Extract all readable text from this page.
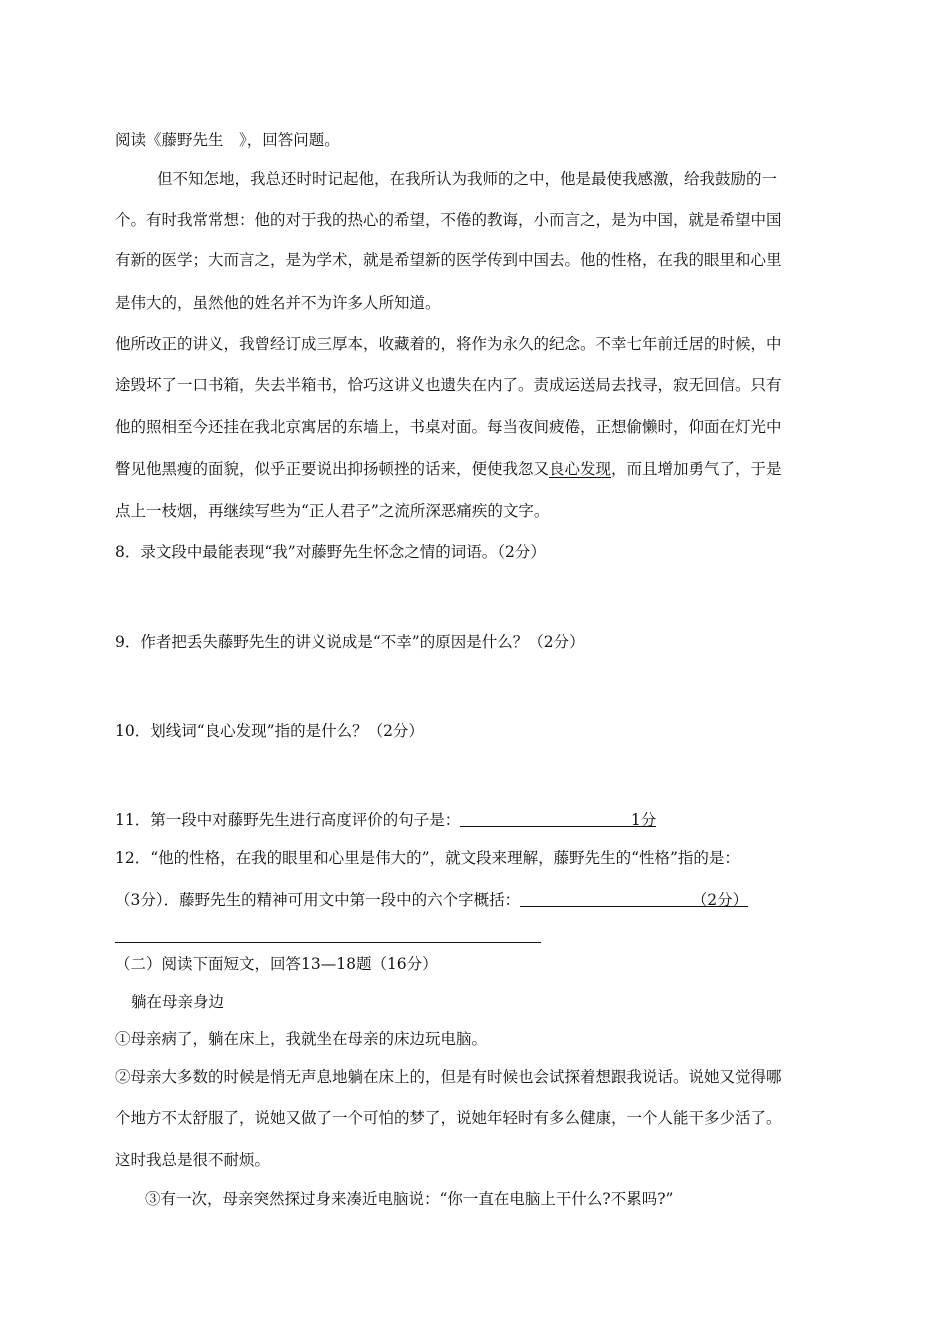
阅读《藤野先生　》，回答问题。
但不知怎地，我总还时时记起他，在我所认为我师的之中，他是最使我感激，给我鼓励的一
个。有时我常常想：他的对于我的热心的希望，不倦的教诲，小而言之，是为中国，就是希望中国
有新的医学；大而言之，是为学术，就是希望新的医学传到中国去。他的性格，在我的眼里和心里
是伟大的，虽然他的姓名并不为许多人所知道。
他所改正的讲义，我曾经订成三厚本，收藏着的，将作为永久的纪念。不幸七年前迁居的时候，中
途毁坏了一口书箱，失去半箱书，恰巧这讲义也遗失在内了。责成运送局去找寻，寂无回信。只有
他的照相至今还挂在我北京寓居的东墙上，书桌对面。每当夜间疲倦，正想偷懒时，仰面在灯光中
瞥见他黑瘦的面貌，似乎正要说出抑扬顿挫的话来，便使我忽又良心发现，而且增加勇气了，于是
点上一枝烟，再继续写些为“正人君子”之流所深恶痛疾的文字。
8．录文段中最能表现“我”对藤野先生怀念之情的词语。（2分）
9．作者把丢失藤野先生的讲义说成是“不幸”的原因是什么？（2分）
10．划线词“良心发现”指的是什么？（2分）
11．第一段中对藤野先生进行高度评价的句子是：	1分
12．“他的性格，在我的眼里和心里是伟大的”，就文段来理解，藤野先生的“性格”指的是：
（3分）．藤野先生的精神可用文中第一段中的六个字概括：	（2分）
（二）阅读下面短文，回答13—18题（16分）
躺在母亲身边
①母亲病了，躺在床上，我就坐在母亲的床边玩电脑。
②母亲大多数的时候是悄无声息地躺在床上的，但是有时候也会试探着想跟我说话。说她又觉得哪
个地方不太舒服了，说她又做了一个可怕的梦了，说她年轻时有多么健康，一个人能干多少活了。
这时我总是很不耐烦。
③有一次，母亲突然探过身来凑近电脑说：“你一直在电脑上干什么?不累吗?”
